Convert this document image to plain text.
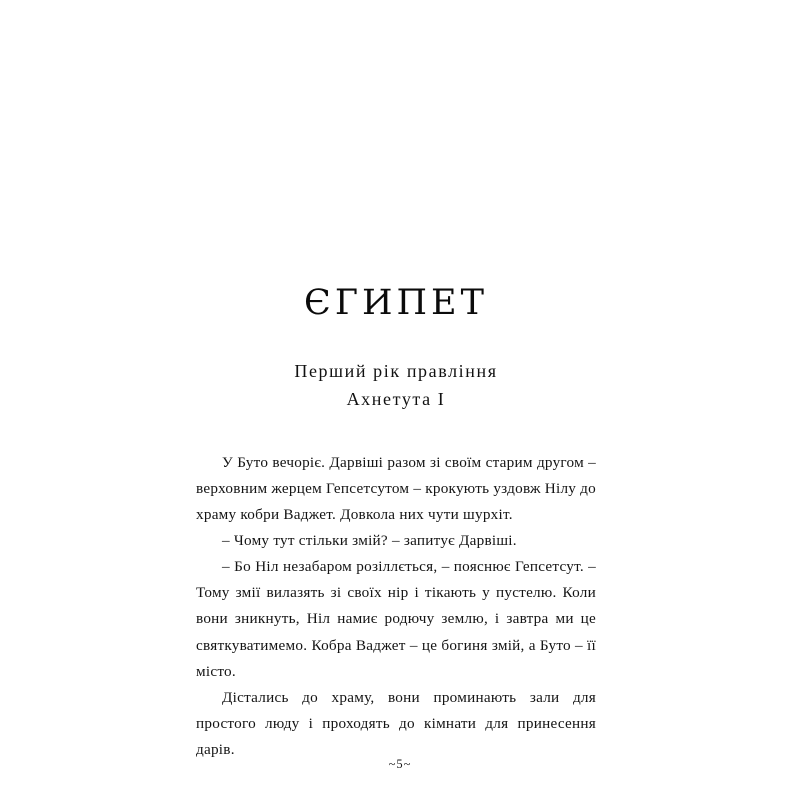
ЄГИПЕТ
Перший рік правління
Ахнетута I

У Буто вечоріє. Дарвіші разом зі своїм старим другом – верховним жерцем Гепсетсутом – крокують уздовж Нілу до храму кобри Ваджет. Довкола них чути шурхіт.

– Чому тут стільки змій? – запитує Дарвіші.

– Бо Ніл незабаром розіллється, – пояснює Гепсетсут. – Тому змії вилазять зі своїх нір і тікають у пустелю. Коли вони зникнуть, Ніл намиє родючу землю, і завтра ми це святкуватимемо. Кобра Ваджет – це богиня змій, а Буто – її місто.

Дістались до храму, вони проминають зали для простого люду і проходять до кімнати для принесення дарів.

~5~
